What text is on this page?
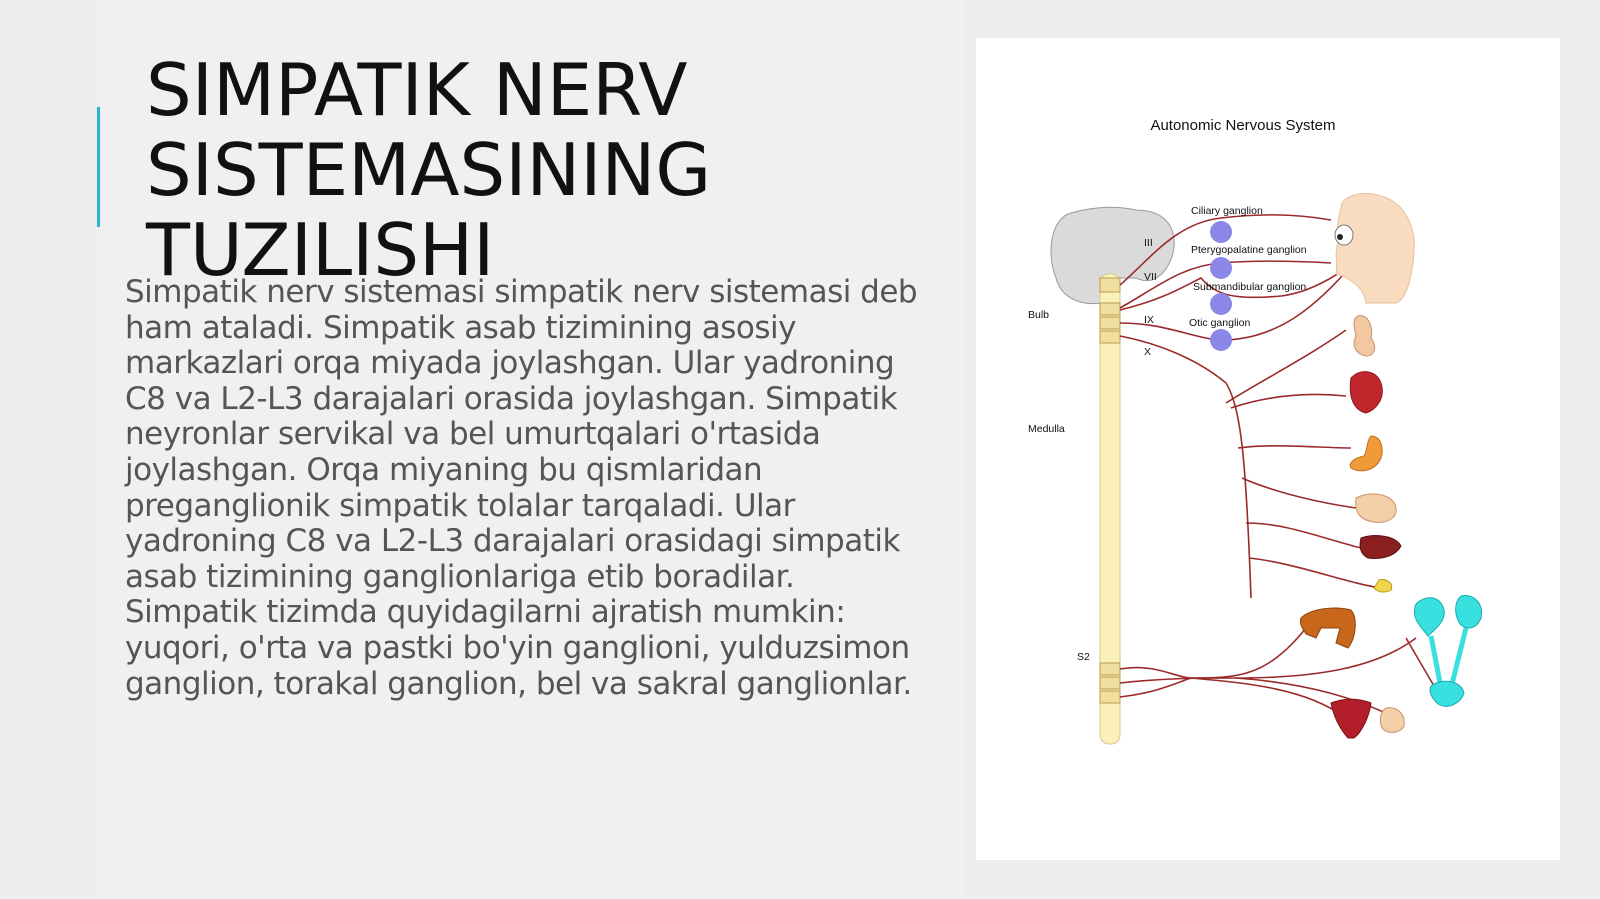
SIMPATIK NERV SISTEMASINING TUZILISHI

Simpatik nerv sistemasi simpatik nerv sistemasi deb ham ataladi. Simpatik asab tizimining asosiy markazlari orqa miyada joylashgan. Ular yadroning C8 va L2-L3 darajalari orasida joylashgan. Simpatik neyronlar servikal va bel umurtqalari o'rtasida joylashgan. Orqa miyaning bu qismlaridan preganglionik simpatik tolalar tarqaladi. Ular yadroning C8 va L2-L3 darajalari orasidagi simpatik asab tizimining ganglionlariga etib boradilar. Simpatik tizimda quyidagilarni ajratish mumkin: yuqori, o'rta va pastki bo'yin ganglioni, yulduzsimon ganglion, torakal ganglion, bel va sakral ganglionlar.

Autonomic Nervous System
Ciliary ganglion
Pterygopalatine ganglion
Submandibular ganglion
Otic ganglion
III
VII
IX
X
Bulb
Medulla
S2
